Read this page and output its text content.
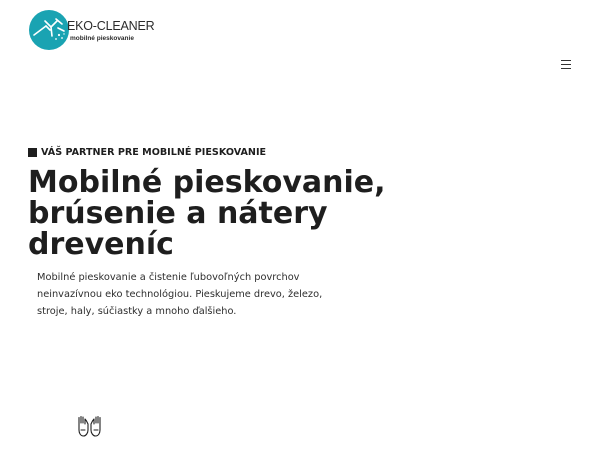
EKO-CLEANER
mobilné pieskovanie
VÁŠ PARTNER PRE MOBILNÉ PIESKOVANIE
Mobilné pieskovanie,
brúsenie a nátery
dreveníc

Mobilné pieskovanie a čistenie ľubovoľných povrchov
neinvazívnou eko technológiou. Pieskujeme drevo, železo,
stroje, haly, súčiastky a mnoho ďalšieho.
